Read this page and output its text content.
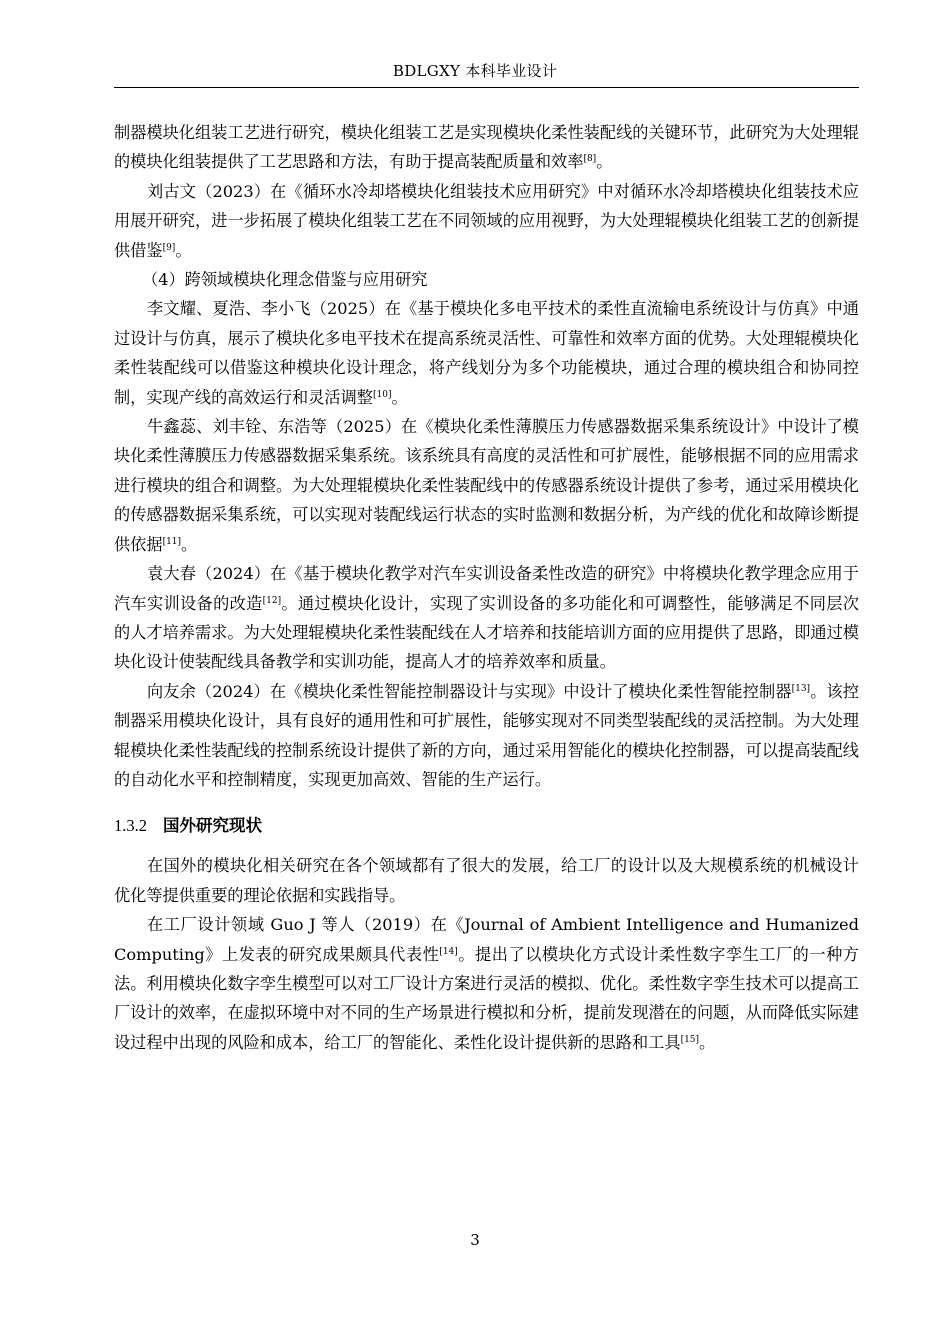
BDLGXY 本科毕业设计

制器模块化组装工艺进行研究，模块化组装工艺是实现模块化柔性装配线的关键环节，此研究为大处理辊的模块化组装提供了工艺思路和方法，有助于提高装配质量和效率[8]。

刘古文（2023）在《循环水冷却塔模块化组装技术应用研究》中对循环水冷却塔模块化组装技术应用展开研究，进一步拓展了模块化组装工艺在不同领域的应用视野，为大处理辊模块化组装工艺的创新提供借鉴[9]。

（4）跨领域模块化理念借鉴与应用研究

李文耀、夏浩、李小飞（2025）在《基于模块化多电平技术的柔性直流输电系统设计与仿真》中通过设计与仿真，展示了模块化多电平技术在提高系统灵活性、可靠性和效率方面的优势。大处理辊模块化柔性装配线可以借鉴这种模块化设计理念，将产线划分为多个功能模块，通过合理的模块组合和协同控制，实现产线的高效运行和灵活调整[10]。

牛鑫蕊、刘丰铨、东浩等（2025）在《模块化柔性薄膜压力传感器数据采集系统设计》中设计了模块化柔性薄膜压力传感器数据采集系统。该系统具有高度的灵活性和可扩展性，能够根据不同的应用需求进行模块的组合和调整。为大处理辊模块化柔性装配线中的传感器系统设计提供了参考，通过采用模块化的传感器数据采集系统，可以实现对装配线运行状态的实时监测和数据分析，为产线的优化和故障诊断提供依据[11]。

袁大春（2024）在《基于模块化教学对汽车实训设备柔性改造的研究》中将模块化教学理念应用于汽车实训设备的改造[12]。通过模块化设计，实现了实训设备的多功能化和可调整性，能够满足不同层次的人才培养需求。为大处理辊模块化柔性装配线在人才培养和技能培训方面的应用提供了思路，即通过模块化设计使装配线具备教学和实训功能，提高人才的培养效率和质量。

向友余（2024）在《模块化柔性智能控制器设计与实现》中设计了模块化柔性智能控制器[13]。该控制器采用模块化设计，具有良好的通用性和可扩展性，能够实现对不同类型装配线的灵活控制。为大处理辊模块化柔性装配线的控制系统设计提供了新的方向，通过采用智能化的模块化控制器，可以提高装配线的自动化水平和控制精度，实现更加高效、智能的生产运行。

1.3.2 国外研究现状

在国外的模块化相关研究在各个领域都有了很大的发展，给工厂的设计以及大规模系统的机械设计优化等提供重要的理论依据和实践指导。

在工厂设计领域 Guo J 等人（2019）在《Journal of Ambient Intelligence and Humanized Computing》上发表的研究成果颇具代表性[14]。提出了以模块化方式设计柔性数字孪生工厂的一种方法。利用模块化数字孪生模型可以对工厂设计方案进行灵活的模拟、优化。柔性数字孪生技术可以提高工厂设计的效率，在虚拟环境中对不同的生产场景进行模拟和分析，提前发现潜在的问题，从而降低实际建设过程中出现的风险和成本，给工厂的智能化、柔性化设计提供新的思路和工具[15]。

3
